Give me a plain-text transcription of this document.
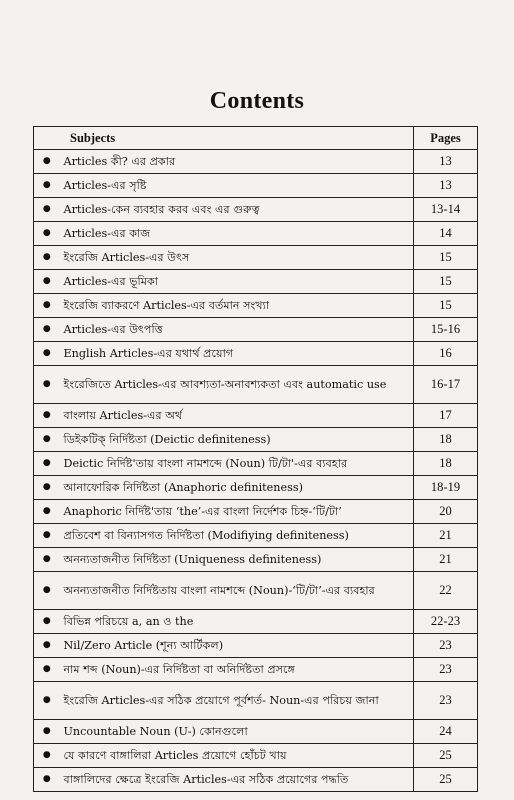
Contents
Subjects		Pages
●	Articles কী? এর প্রকার	13
●	Articles-এর সৃষ্টি	13
●	Articles-কেন ব্যবহার করব এবং এর গুরুত্ব	13-14
●	Articles-এর কাজ	14
●	ইংরেজি Articles-এর উৎস	15
●	Articles-এর ভূমিকা	15
●	ইংরেজি ব্যাকরণে Articles-এর বর্তমান সংখ্যা	15
●	Articles-এর উৎপত্তি	15-16
●	English Articles-এর যথার্থ প্রয়োগ	16
●	ইংরেজিতে Articles-এর আবশ্যতা-অনাবশ্যকতা এবং automatic use	16-17
●	বাংলায় Articles-এর অর্থ	17
●	ডিইকটিক্ নির্দিষ্টতা (Deictic definiteness)	18
●	Deictic নির্দিষ্ট'তায় বাংলা নামশব্দে (Noun) টি/টা'-এর ব্যবহার	18
●	আনাফোরিক নির্দিষ্টতা (Anaphoric definiteness)	18-19
●	Anaphoric নির্দিষ্ট'তায় ‘the’-এর বাংলা নির্দেশক চিহ্ন-‘টি/টা’	20
●	প্রতিবেশ বা বিন্যাসগত নির্দিষ্টতা (Modifiying definiteness)	21
●	অনন্যতাজনীত নির্দিষ্টতা (Uniqueness definiteness)	21
●	অনন্যতাজনীত নির্দিষ্টতায় বাংলা নামশব্দে (Noun)-‘টি/টা’-এর ব্যবহার	22
●	বিভিন্ন পরিচয়ে a, an ও the	22-23
●	Nil/Zero Article (শূন্য আর্টিকল)	23
●	নাম শব্দ (Noun)-এর নির্দিষ্টতা বা অনির্দিষ্টতা প্রসঙ্গে	23
●	ইংরেজি Articles-এর সঠিক প্রয়োগে পূর্বশর্ত- Noun-এর পরিচয় জানা	23
●	Uncountable Noun (U-) কোনগুলো	24
●	যে কারণে বাঙ্গালিরা Articles প্রয়োগে হোঁচট খায়	25
●	বাঙ্গালিদের ক্ষেত্রে ইংরেজি Articles-এর সঠিক প্রয়োগের পদ্ধতি	25
